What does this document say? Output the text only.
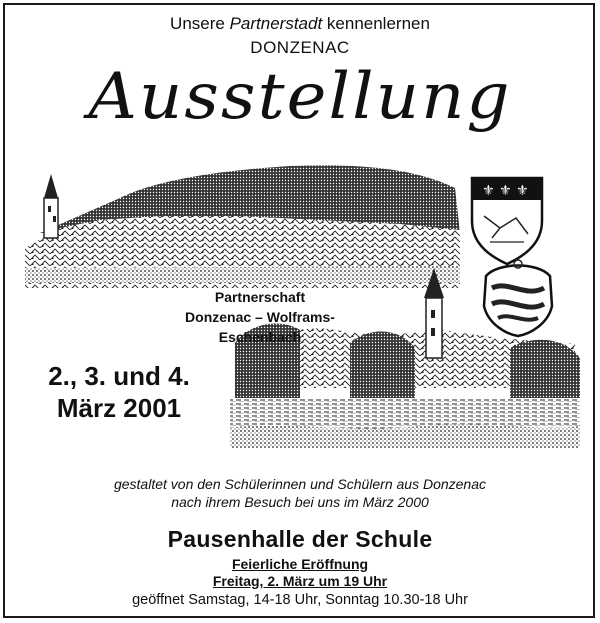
Unsere Partnerstadt kennenlernen
DONZENAC
Ausstellung
⚜ ⚜ ⚜
Partnerschaft
Donzenac – Wolframs-Eschenbach
2., 3. und 4.
März 2001
gestaltet von den Schülerinnen und Schülern aus Donzenac
nach ihrem Besuch bei uns im März 2000
Pausenhalle der Schule
Feierliche Eröffnung
Freitag, 2. März um 19 Uhr
geöffnet Samstag, 14-18 Uhr, Sonntag 10.30-18 Uhr
